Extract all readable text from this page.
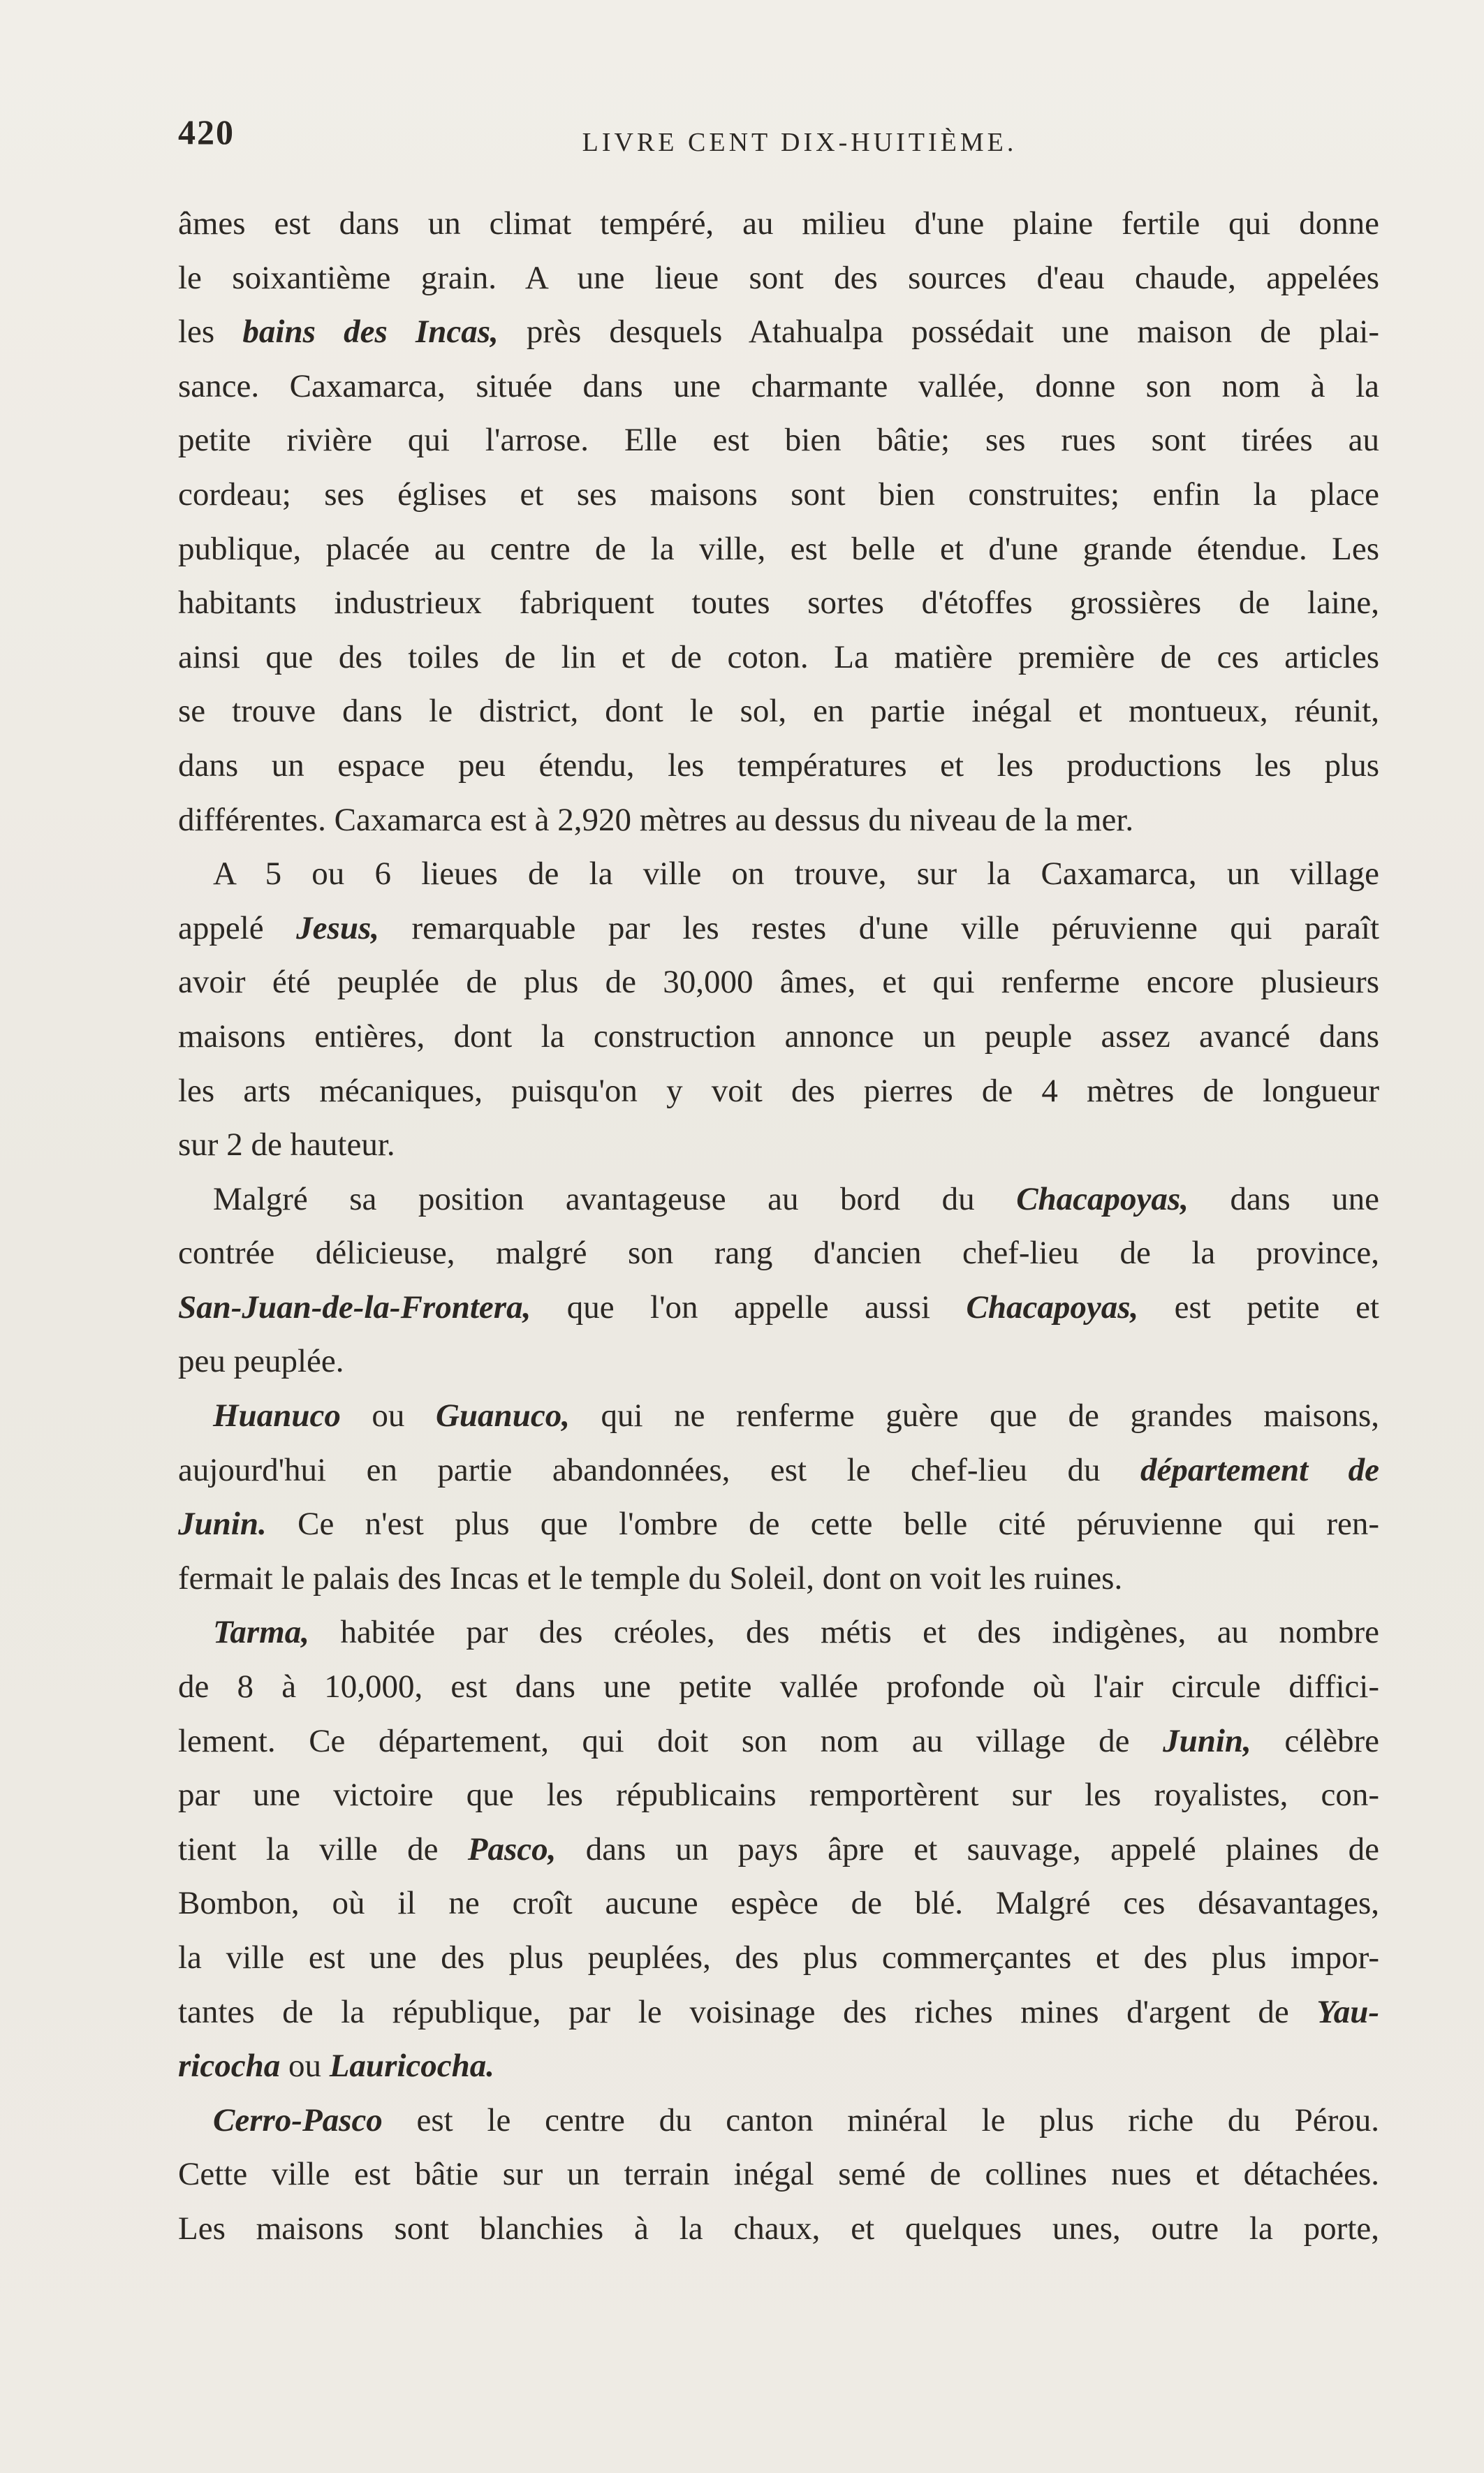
420	LIVRE CENT DIX-HUITIÈME.
âmes est dans un climat tempéré, au milieu d'une plaine fertile qui donne
le soixantième grain. A une lieue sont des sources d'eau chaude, appelées
les bains des Incas, près desquels Atahualpa possédait une maison de plai-
sance. Caxamarca, située dans une charmante vallée, donne son nom à la
petite rivière qui l'arrose. Elle est bien bâtie; ses rues sont tirées au
cordeau; ses églises et ses maisons sont bien construites; enfin la place
publique, placée au centre de la ville, est belle et d'une grande étendue. Les
habitants industrieux fabriquent toutes sortes d'étoffes grossières de laine,
ainsi que des toiles de lin et de coton. La matière première de ces articles
se trouve dans le district, dont le sol, en partie inégal et montueux, réunit,
dans un espace peu étendu, les températures et les productions les plus
différentes. Caxamarca est à 2,920 mètres au dessus du niveau de la mer.
A 5 ou 6 lieues de la ville on trouve, sur la Caxamarca, un village
appelé Jesus, remarquable par les restes d'une ville péruvienne qui paraît
avoir été peuplée de plus de 30,000 âmes, et qui renferme encore plusieurs
maisons entières, dont la construction annonce un peuple assez avancé dans
les arts mécaniques, puisqu'on y voit des pierres de 4 mètres de longueur
sur 2 de hauteur.
Malgré sa position avantageuse au bord du Chacapoyas, dans une
contrée délicieuse, malgré son rang d'ancien chef-lieu de la province,
San-Juan-de-la-Frontera, que l'on appelle aussi Chacapoyas, est petite et
peu peuplée.
Huanuco ou Guanuco, qui ne renferme guère que de grandes maisons,
aujourd'hui en partie abandonnées, est le chef-lieu du département de
Junin. Ce n'est plus que l'ombre de cette belle cité péruvienne qui ren-
fermait le palais des Incas et le temple du Soleil, dont on voit les ruines.
Tarma, habitée par des créoles, des métis et des indigènes, au nombre
de 8 à 10,000, est dans une petite vallée profonde où l'air circule diffici-
lement. Ce département, qui doit son nom au village de Junin, célèbre
par une victoire que les républicains remportèrent sur les royalistes, con-
tient la ville de Pasco, dans un pays âpre et sauvage, appelé plaines de
Bombon, où il ne croît aucune espèce de blé. Malgré ces désavantages,
la ville est une des plus peuplées, des plus commerçantes et des plus impor-
tantes de la république, par le voisinage des riches mines d'argent de Yau-
ricocha ou Lauricocha.
Cerro-Pasco est le centre du canton minéral le plus riche du Pérou.
Cette ville est bâtie sur un terrain inégal semé de collines nues et détachées.
Les maisons sont blanchies à la chaux, et quelques unes, outre la porte,
